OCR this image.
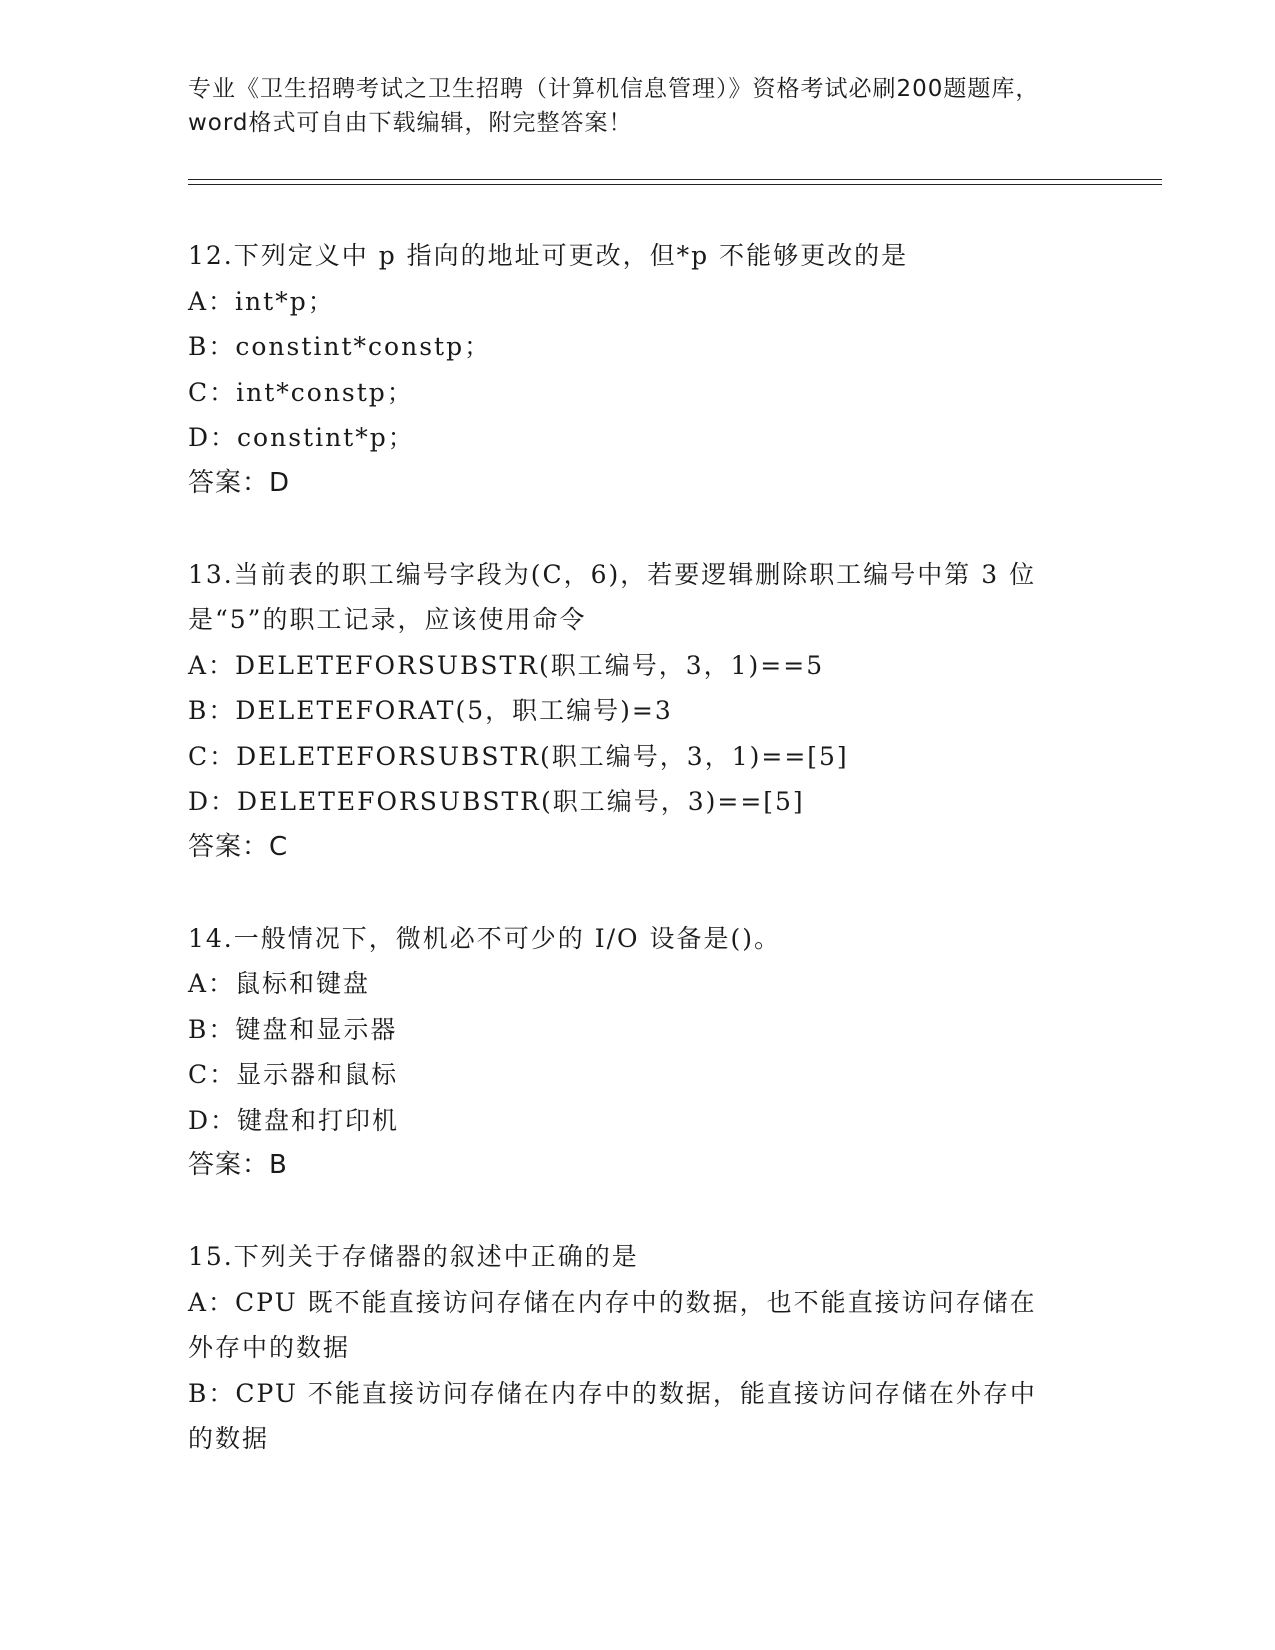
专业《卫生招聘考试之卫生招聘（计算机信息管理）》资格考试必刷200题题库，
word格式可自由下载编辑，附完整答案！
12.下列定义中 p 指向的地址可更改，但*p 不能够更改的是
A：int*p；
B：constint*constp；
C：int*constp；
D：constint*p；
答案：D
13.当前表的职工编号字段为(C，6)，若要逻辑删除职工编号中第 3 位
是“5”的职工记录，应该使用命令
A：DELETEFORSUBSTR(职工编号，3，1)==5
B：DELETEFORAT(5，职工编号)=3
C：DELETEFORSUBSTR(职工编号，3，1)==[5]
D：DELETEFORSUBSTR(职工编号，3)==[5]
答案：C
14.一般情况下，微机必不可少的 I/O 设备是()。
A：鼠标和键盘
B：键盘和显示器
C：显示器和鼠标
D：键盘和打印机
答案：B
15.下列关于存储器的叙述中正确的是
A：CPU 既不能直接访问存储在内存中的数据，也不能直接访问存储在
外存中的数据
B：CPU 不能直接访问存储在内存中的数据，能直接访问存储在外存中
的数据
